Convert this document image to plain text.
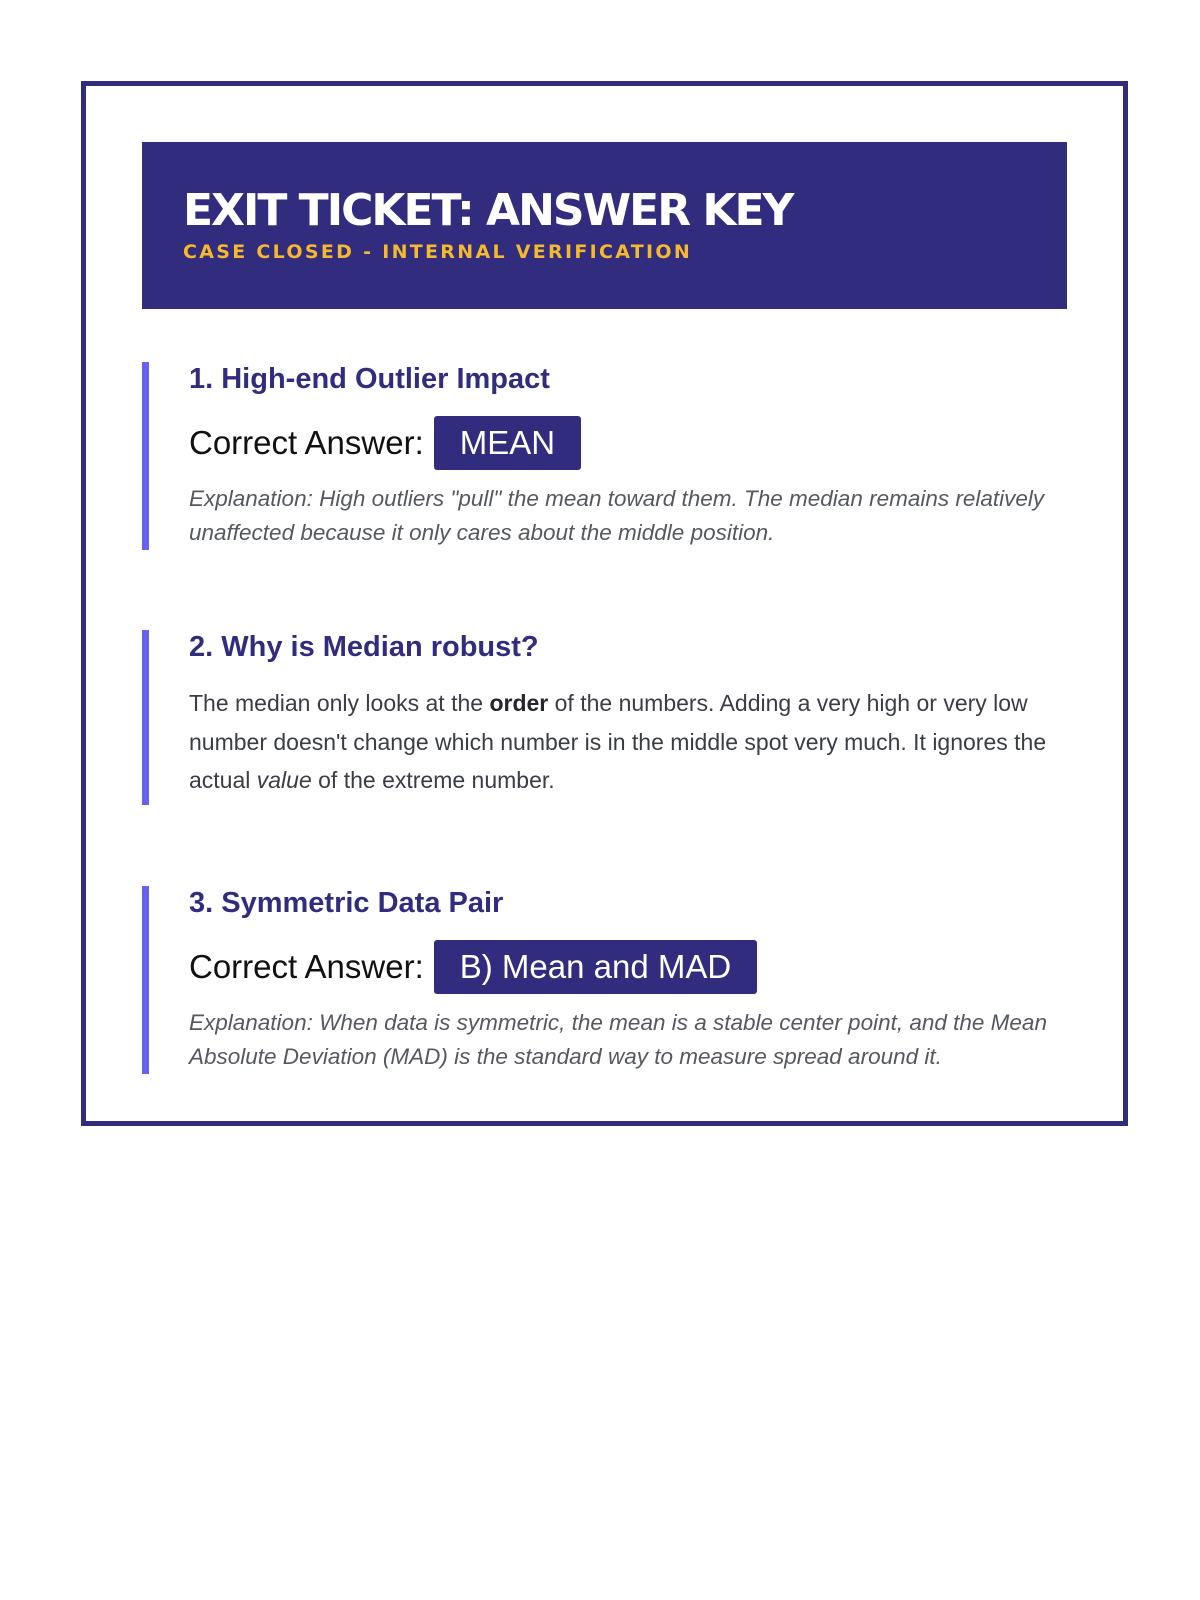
EXIT TICKET: ANSWER KEY
CASE CLOSED - INTERNAL VERIFICATION
1. High-end Outlier Impact
Correct Answer:	MEAN

Explanation: High outliers "pull" the mean toward them. The median remains relatively unaffected because it only cares about the middle position.

2. Why is Median robust?

The median only looks at the order of the numbers. Adding a very high or very low number doesn't change which number is in the middle spot very much. It ignores the actual value of the extreme number.

3. Symmetric Data Pair
Correct Answer:	B) Mean and MAD

Explanation: When data is symmetric, the mean is a stable center point, and the Mean Absolute Deviation (MAD) is the standard way to measure spread around it.
